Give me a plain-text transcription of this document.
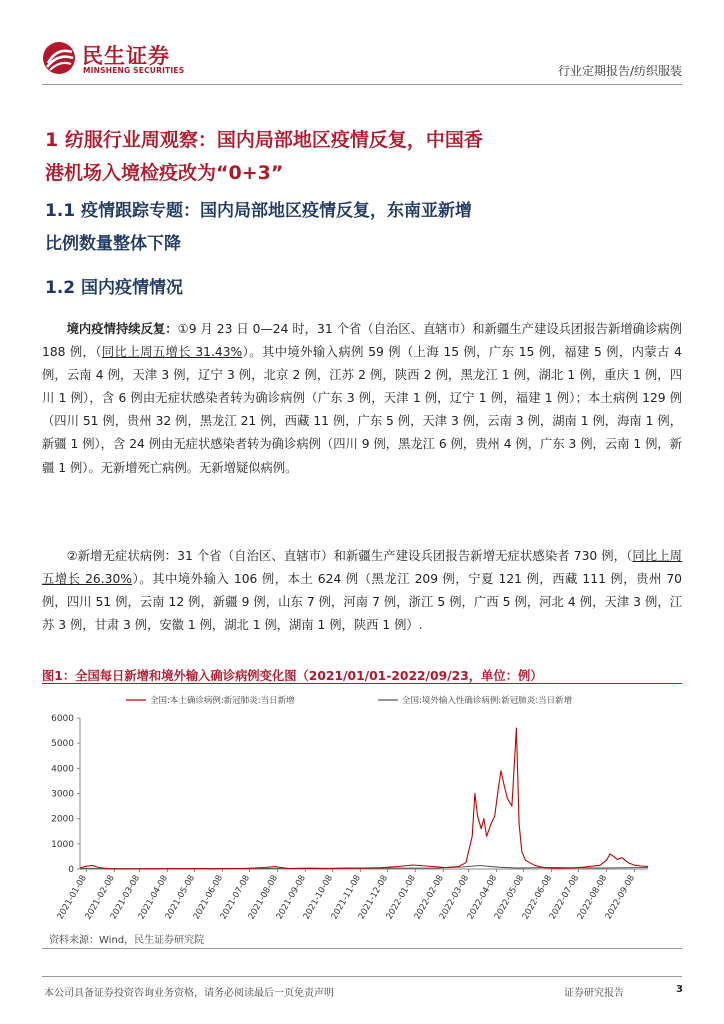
民生证券
MINSHENG SECURITIES	行业定期报告/纺织服装
1 纺服行业周观察：国内局部地区疫情反复，中国香
港机场入境检疫改为“0+3”
1.1 疫情跟踪专题：国内局部地区疫情反复，东南亚新增
比例数量整体下降
1.2 国内疫情情况

境内疫情持续反复：①9 月 23 日 0—24 时，31 个省（自治区、直辖市）和新疆生产建设兵团报告新增确诊病例 188 例，（同比上周五增长 31.43%）。其中境外输入病例 59 例（上海 15 例，广东 15 例，福建 5 例，内蒙古 4 例，云南 4 例，天津 3 例，辽宁 3 例，北京 2 例，江苏 2 例，陕西 2 例，黑龙江 1 例，湖北 1 例，重庆 1 例，四川 1 例），含 6 例由无症状感染者转为确诊病例（广东 3 例，天津 1 例，辽宁 1 例，福建 1 例）；本土病例 129 例（四川 51 例，贵州 32 例，黑龙江 21 例，西藏 11 例，广东 5 例，天津 3 例，云南 3 例，湖南 1 例，海南 1 例，新疆 1 例），含 24 例由无症状感染者转为确诊病例（四川 9 例，黑龙江 6 例，贵州 4 例，广东 3 例，云南 1 例，新疆 1 例）。无新增死亡病例。无新增疑似病例。

②新增无症状病例：31 个省（自治区、直辖市）和新疆生产建设兵团报告新增无症状感染者 730 例，（同比上周五增长 26.30%）。其中境外输入 106 例，本土 624 例（黑龙江 209 例，宁夏 121 例，西藏 111 例，贵州 70 例，四川 51 例，云南 12 例，新疆 9 例，山东 7 例，河南 7 例，浙江 5 例，广西 5 例，河北 4 例，天津 3 例，江苏 3 例，甘肃 3 例，安徽 1 例，湖北 1 例，湖南 1 例，陕西 1 例）.

图1：全国每日新增和境外输入确诊病例变化图（2021/01/01-2022/09/23，单位：例）
0
1000
2000
3000
4000
5000
6000
2021-01-08
2021-02-08
2021-03-08
2021-04-08
2021-05-08
2021-06-08
2021-07-08
2021-08-08
2021-09-08
2021-10-08
2021-11-08
2021-12-08
2022-01-08
2022-02-08
2022-03-08
2022-04-08
2022-05-08
2022-06-08
2022-07-08
2022-08-08
2022-09-08
全国:本土确诊病例:新冠肺炎:当日新增	全国:境外输入性确诊病例:新冠肺炎:当日新增
资料来源：Wind，民生证券研究院
本公司具备证券投资咨询业务资格，请务必阅读最后一页免责声明	证券研究报告	3
